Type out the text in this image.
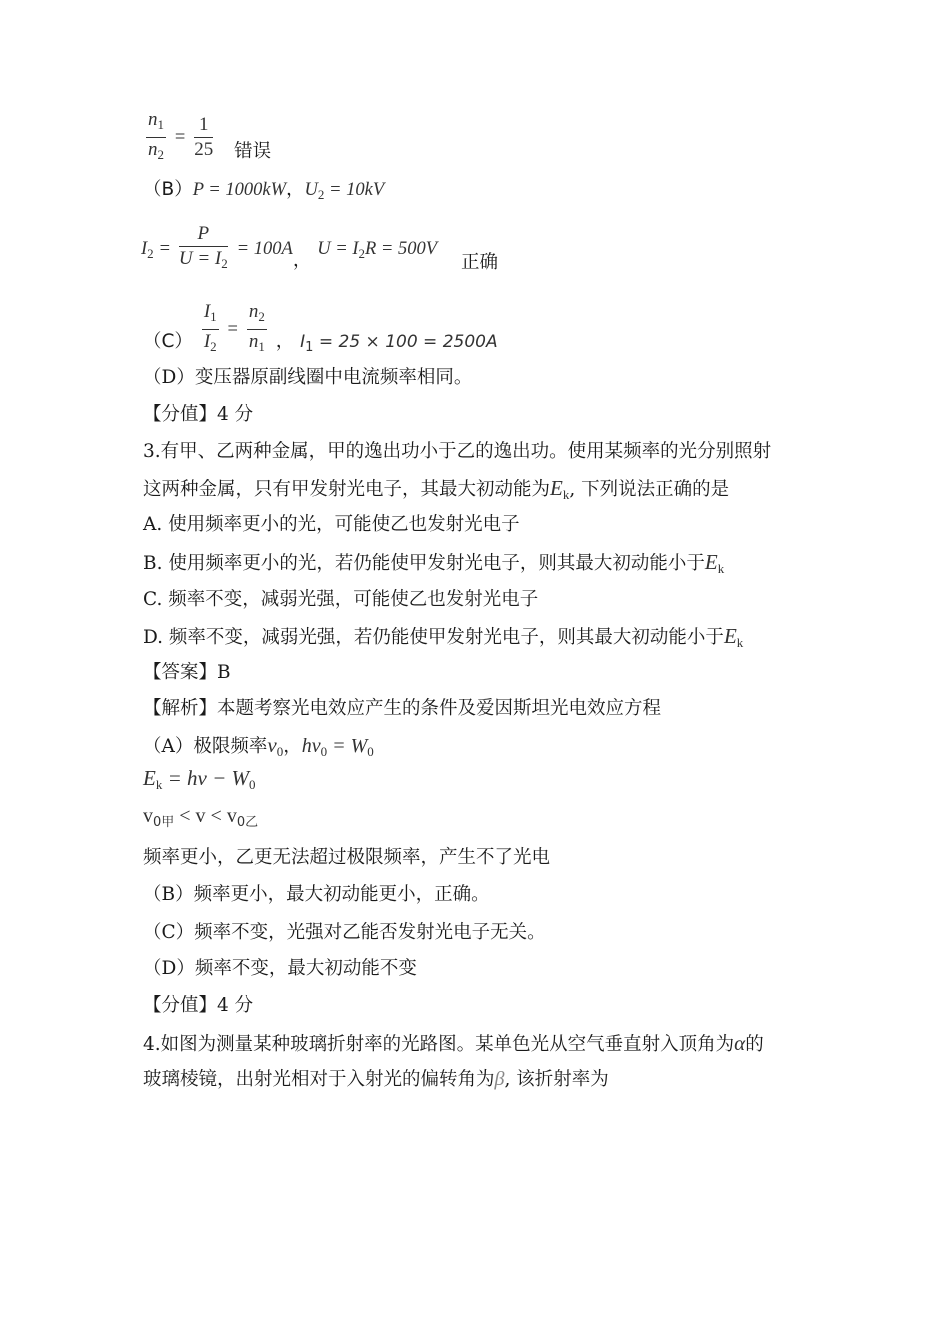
$\frac{n_1}{n_2} = \frac{1}{25}$ 错误
（B）P = 1000kW，$U_2 = 10kV$
$I_2 = \frac{P}{U = I_2} = 100A$， $U = I_2R = 500V$ 正确
$(C) \frac{I_1}{I_2} = \frac{n_2}{n_1}$ ， $I_1 = 25 \times 100 = 2500A$
（D）变压器原副线圈中电流频率相同。
【分值】4 分
3.有甲、乙两种金属，甲的逸出功小于乙的逸出功。使用某频率的光分别照射
这两种金属，只有甲发射光电子，其最大初动能为$E_k$, 下列说法正确的是
A. 使用频率更小的光，可能使乙也发射光电子
B. 使用频率更小的光，若仍能使甲发射光电子，则其最大初动能小于$E_k$
C. 频率不变，减弱光强，可能使乙也发射光电子
D. 频率不变，减弱光强，若仍能使甲发射光电子，则其最大初动能小于$E_k$
【答案】B
【解析】本题考察光电效应产生的条件及爱因斯坦光电效应方程
（A）极限频率$\nu_0$，$h\nu_0 = W_0$
$E_k = h\nu - W_0$
$v_{0甲} < v < v_{0乙}$
频率更小，乙更无法超过极限频率，产生不了光电
（B）频率更小，最大初动能更小，正确。
（C）频率不变，光强对乙能否发射光电子无关。
（D）频率不变，最大初动能不变
【分值】4 分
4.如图为测量某种玻璃折射率的光路图。某单色光从空气垂直射入顶角为α的
玻璃棱镜，出射光相对于入射光的偏转角为β, 该折射率为
